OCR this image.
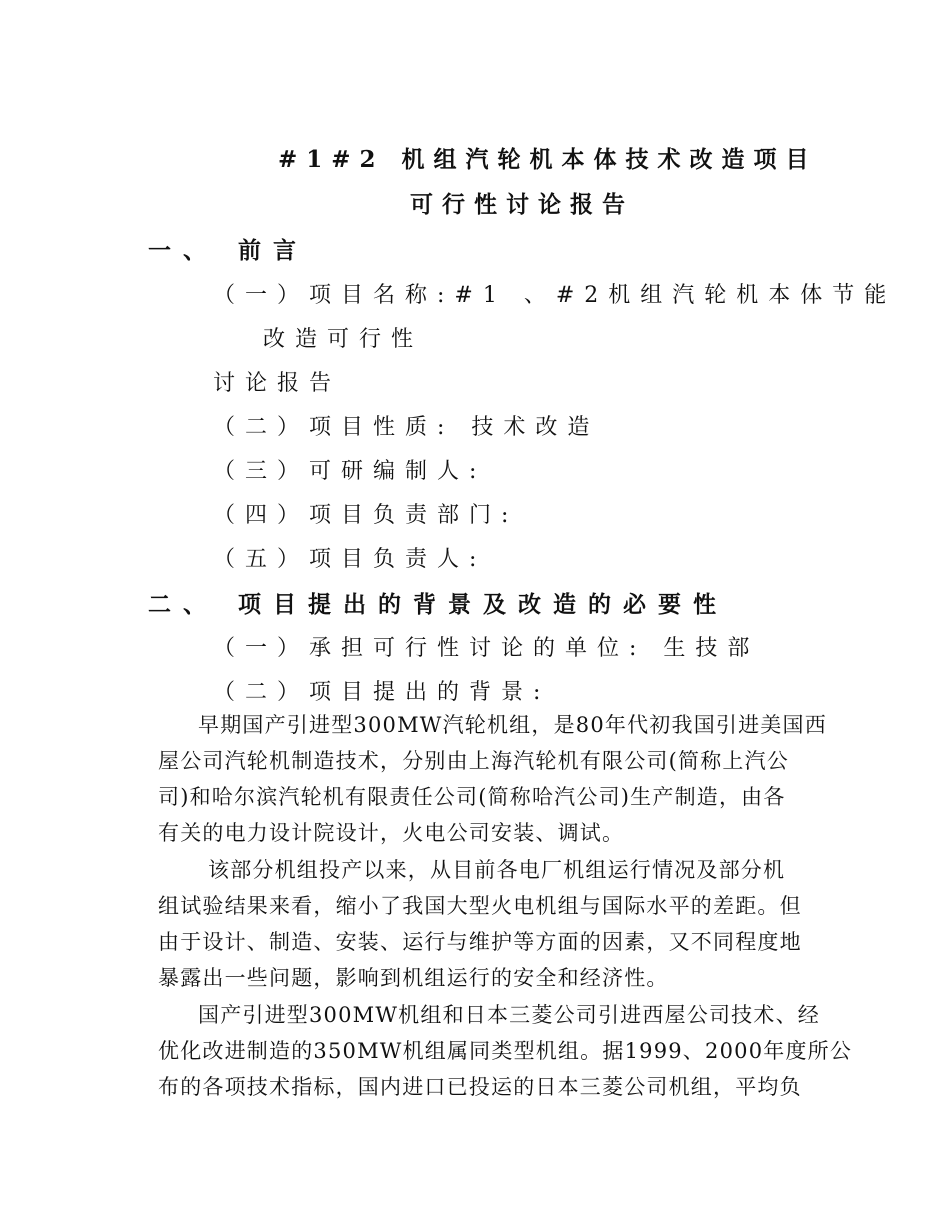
#1#2 机组汽轮机本体技术改造项目
可行性讨论报告
一、 前言
（一）项目名称:#1 、#2机组汽轮机本体节能
改造可行性
讨论报告
（二）项目性质: 技术改造
（三）可研编制人:
（四）项目负责部门:
（五）项目负责人:
二、 项目提出的背景及改造的必要性
（一）承担可行性讨论的单位: 生技部
（二）项目提出的背景:
早期国产引进型300MW汽轮机组，是80年代初我国引进美国西
屋公司汽轮机制造技术，分别由上海汽轮机有限公司(简称上汽公
司)和哈尔滨汽轮机有限责任公司(简称哈汽公司)生产制造，由各
有关的电力设计院设计，火电公司安装、调试。
该部分机组投产以来，从目前各电厂机组运行情况及部分机
组试验结果来看，缩小了我国大型火电机组与国际水平的差距。但
由于设计、制造、安装、运行与维护等方面的因素，又不同程度地
暴露出一些问题，影响到机组运行的安全和经济性。
国产引进型300MW机组和日本三菱公司引进西屋公司技术、经
优化改进制造的350MW机组属同类型机组。据1999、2000年度所公
布的各项技术指标，国内进口已投运的日本三菱公司机组，平均负
